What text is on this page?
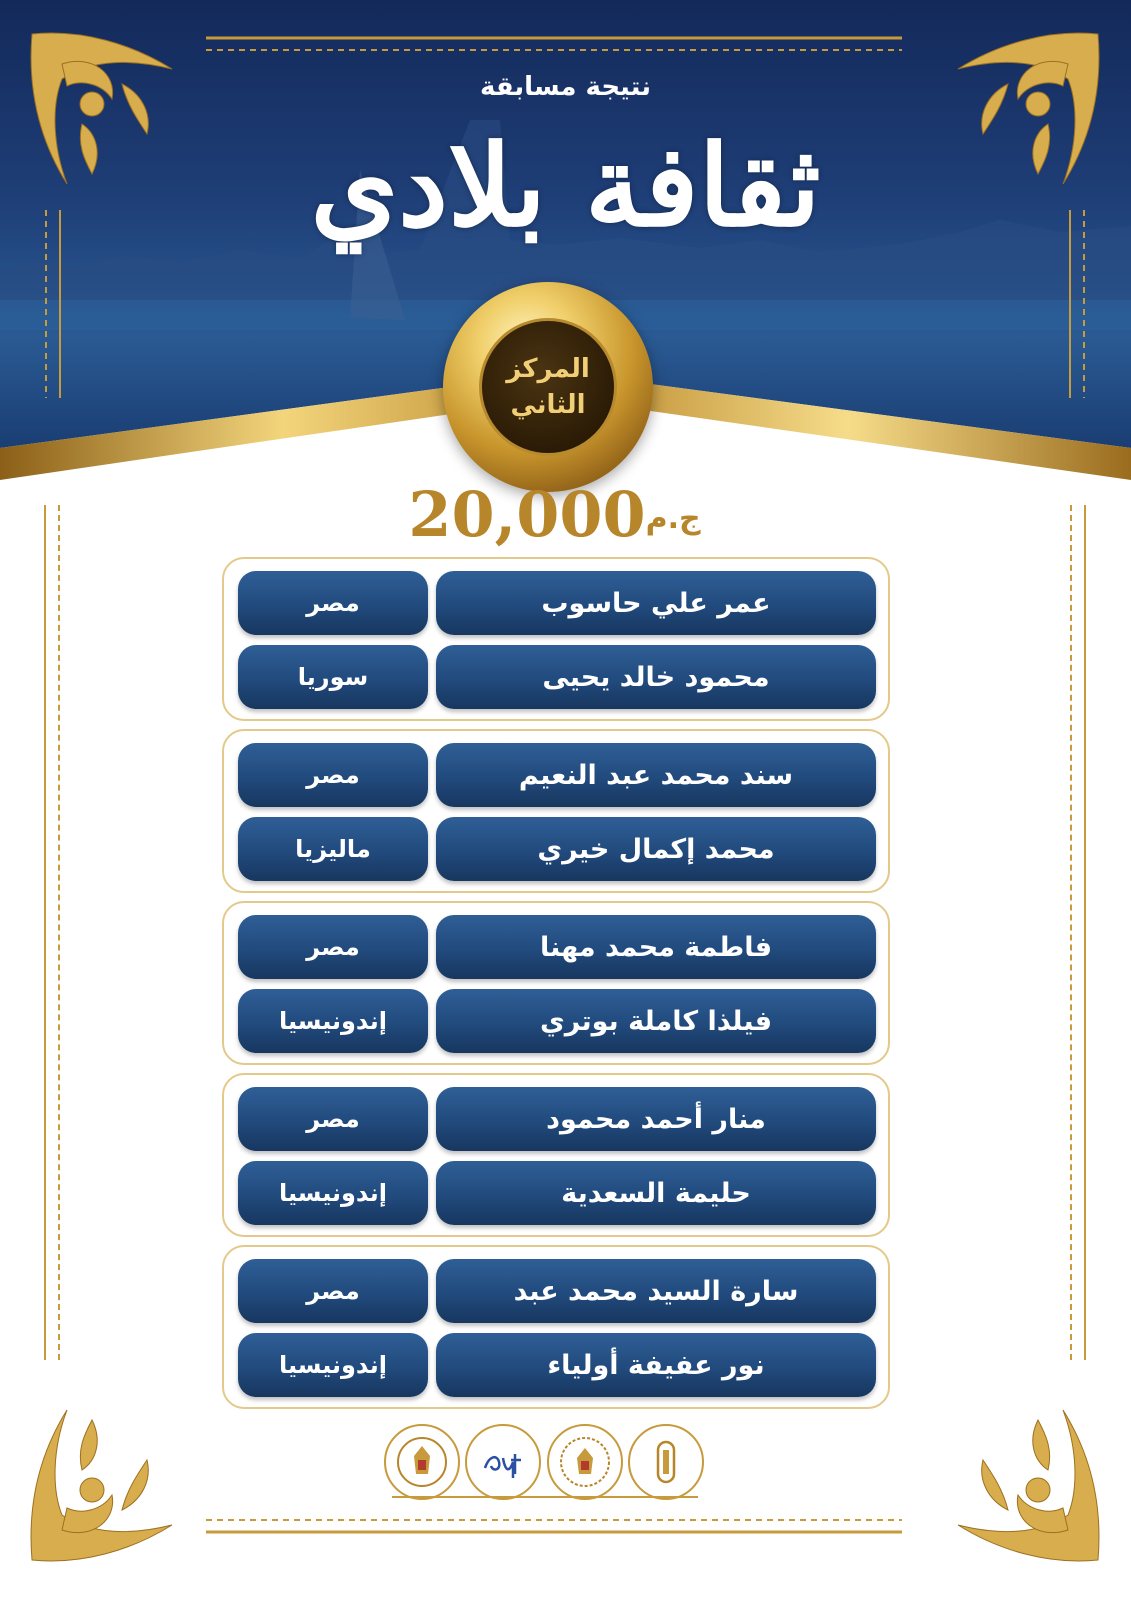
نتيجة مسابقة
ثقافة بلادي
المركز
الثاني
ج.م20,000
مصر	عمر علي حاسوب
سوريا	محمود خالد يحيى
مصر	سند محمد عبد النعيم
ماليزيا	محمد إكمال خيري
مصر	فاطمة محمد مهنا
إندونيسيا	فيلذا كاملة بوتري
مصر	منار أحمد محمود
إندونيسيا	حليمة السعدية
مصر	سارة السيد محمد عبد
إندونيسيا	نور عفيفة أولياء
